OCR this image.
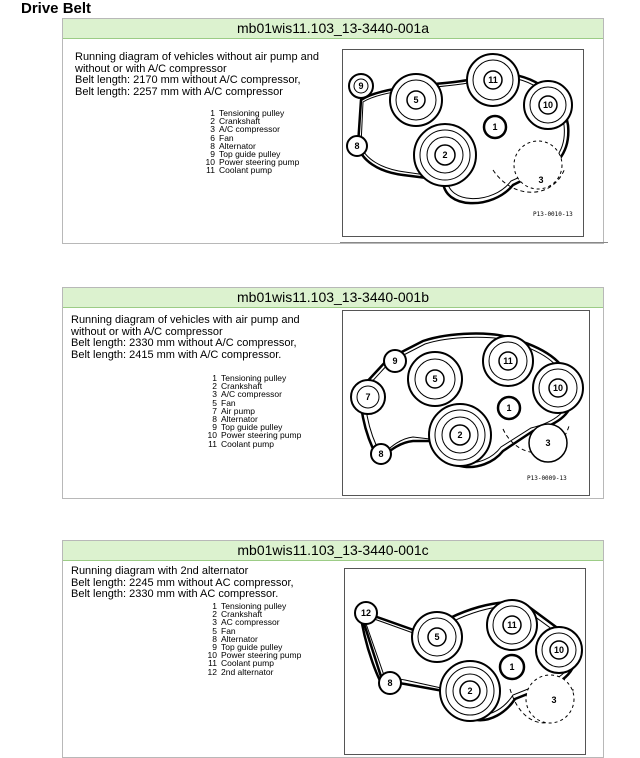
Drive Belt
mb01wis11.103_13-3440-001a
Running diagram of vehicles without air pump and
without or with A/C compressor
Belt length: 2170 mm without A/C compressor,
Belt length: 2257 mm with A/C compressor
1 Tensioning pulley
2 Crankshaft
3 A/C compressor
6 Fan
8 Alternator
9 Top guide pulley
10 Power steering pump
11 Coolant pump
9
5
11
10
1
8
2
3
P13-0010-13
mb01wis11.103_13-3440-001b
Running diagram of vehicles with air pump and
without or with A/C compressor
Belt length: 2330 mm without A/C compressor,
Belt length: 2415 mm with A/C compressor.
1 Tensioning pulley
2 Crankshaft
3 A/C compressor
5 Fan
7 Air pump
8 Alternator
9 Top guide pulley
10 Power steering pump
11 Coolant pump
9
7
5
11
10
1
8
2
3
P13-0009-13
mb01wis11.103_13-3440-001c
Running diagram with 2nd alternator
Belt length: 2245 mm without AC compressor,
Belt length: 2330 mm with AC compressor.
1 Tensioning pulley
2 Crankshaft
3 AC compressor
5 Fan
8 Alternator
9 Top guide pulley
10 Power steering pump
11 Coolant pump
12 2nd alternator
12
5
11
10
1
8
2
3
